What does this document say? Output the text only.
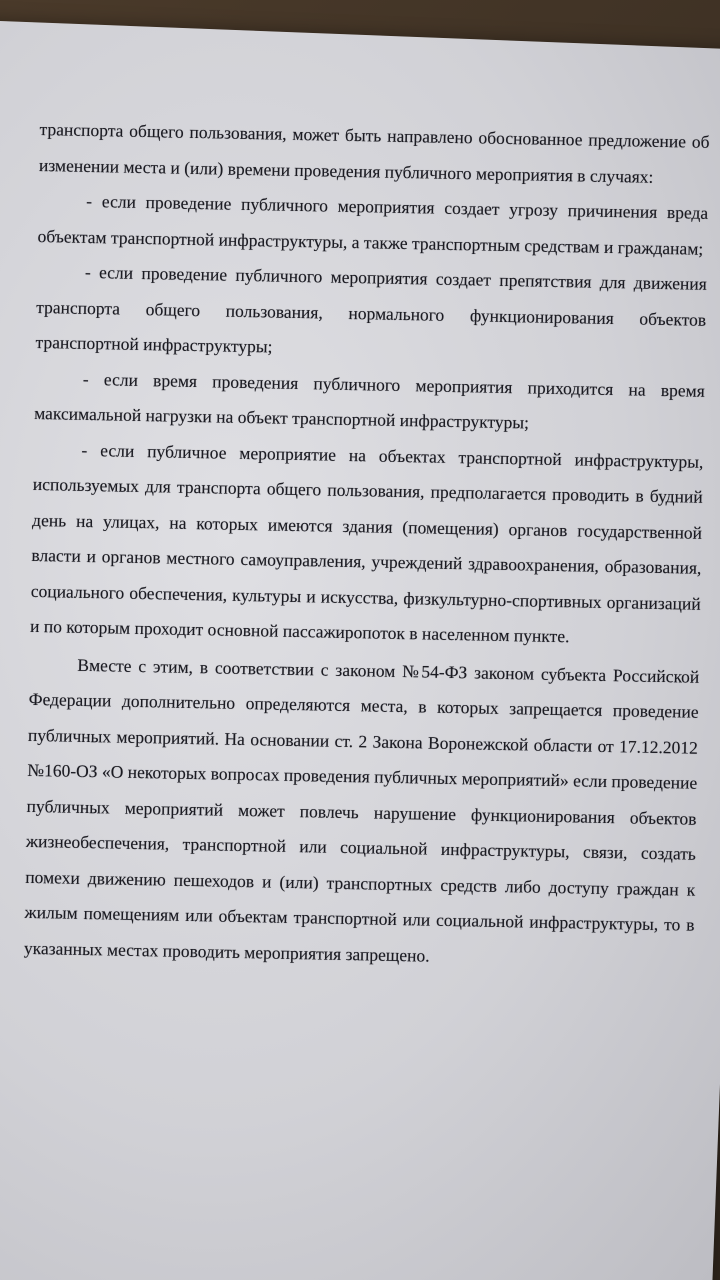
транспорта общего пользования, может быть направлено обоснованное предложение об изменении места и (или) времени проведения публичного мероприятия в случаях:

- если проведение публичного мероприятия создает угрозу причинения вреда объектам транспортной инфраструктуры, а также транспортным средствам и гражданам;

- если проведение публичного мероприятия создает препятствия для движения транспорта общего пользования, нормального функционирования объектов транспортной инфраструктуры;

- если время проведения публичного мероприятия приходится на время максимальной нагрузки на объект транспортной инфраструктуры;

- если публичное мероприятие на объектах транспортной инфраструктуры, используемых для транспорта общего пользования, предполагается проводить в будний день на улицах, на которых имеются здания (помещения) органов государственной власти и органов местного самоуправления, учреждений здравоохранения, образования, социального обеспечения, культуры и искусства, физкультурно-спортивных организаций и по которым проходит основной пассажиропоток в населенном пункте.

Вместе с этим, в соответствии с законом №54-ФЗ законом субъекта Российской Федерации дополнительно определяются места, в которых запрещается проведение публичных мероприятий. На основании ст. 2 Закона Воронежской области от 17.12.2012 №160-ОЗ «О некоторых вопросах проведения публичных мероприятий» если проведение публичных мероприятий может повлечь нарушение функционирования объектов жизнеобеспечения, транспортной или социальной инфраструктуры, связи, создать помехи движению пешеходов и (или) транспортных средств либо доступу граждан к жилым помещениям или объектам транспортной или социальной инфраструктуры, то в указанных местах проводить мероприятия запрещено.
